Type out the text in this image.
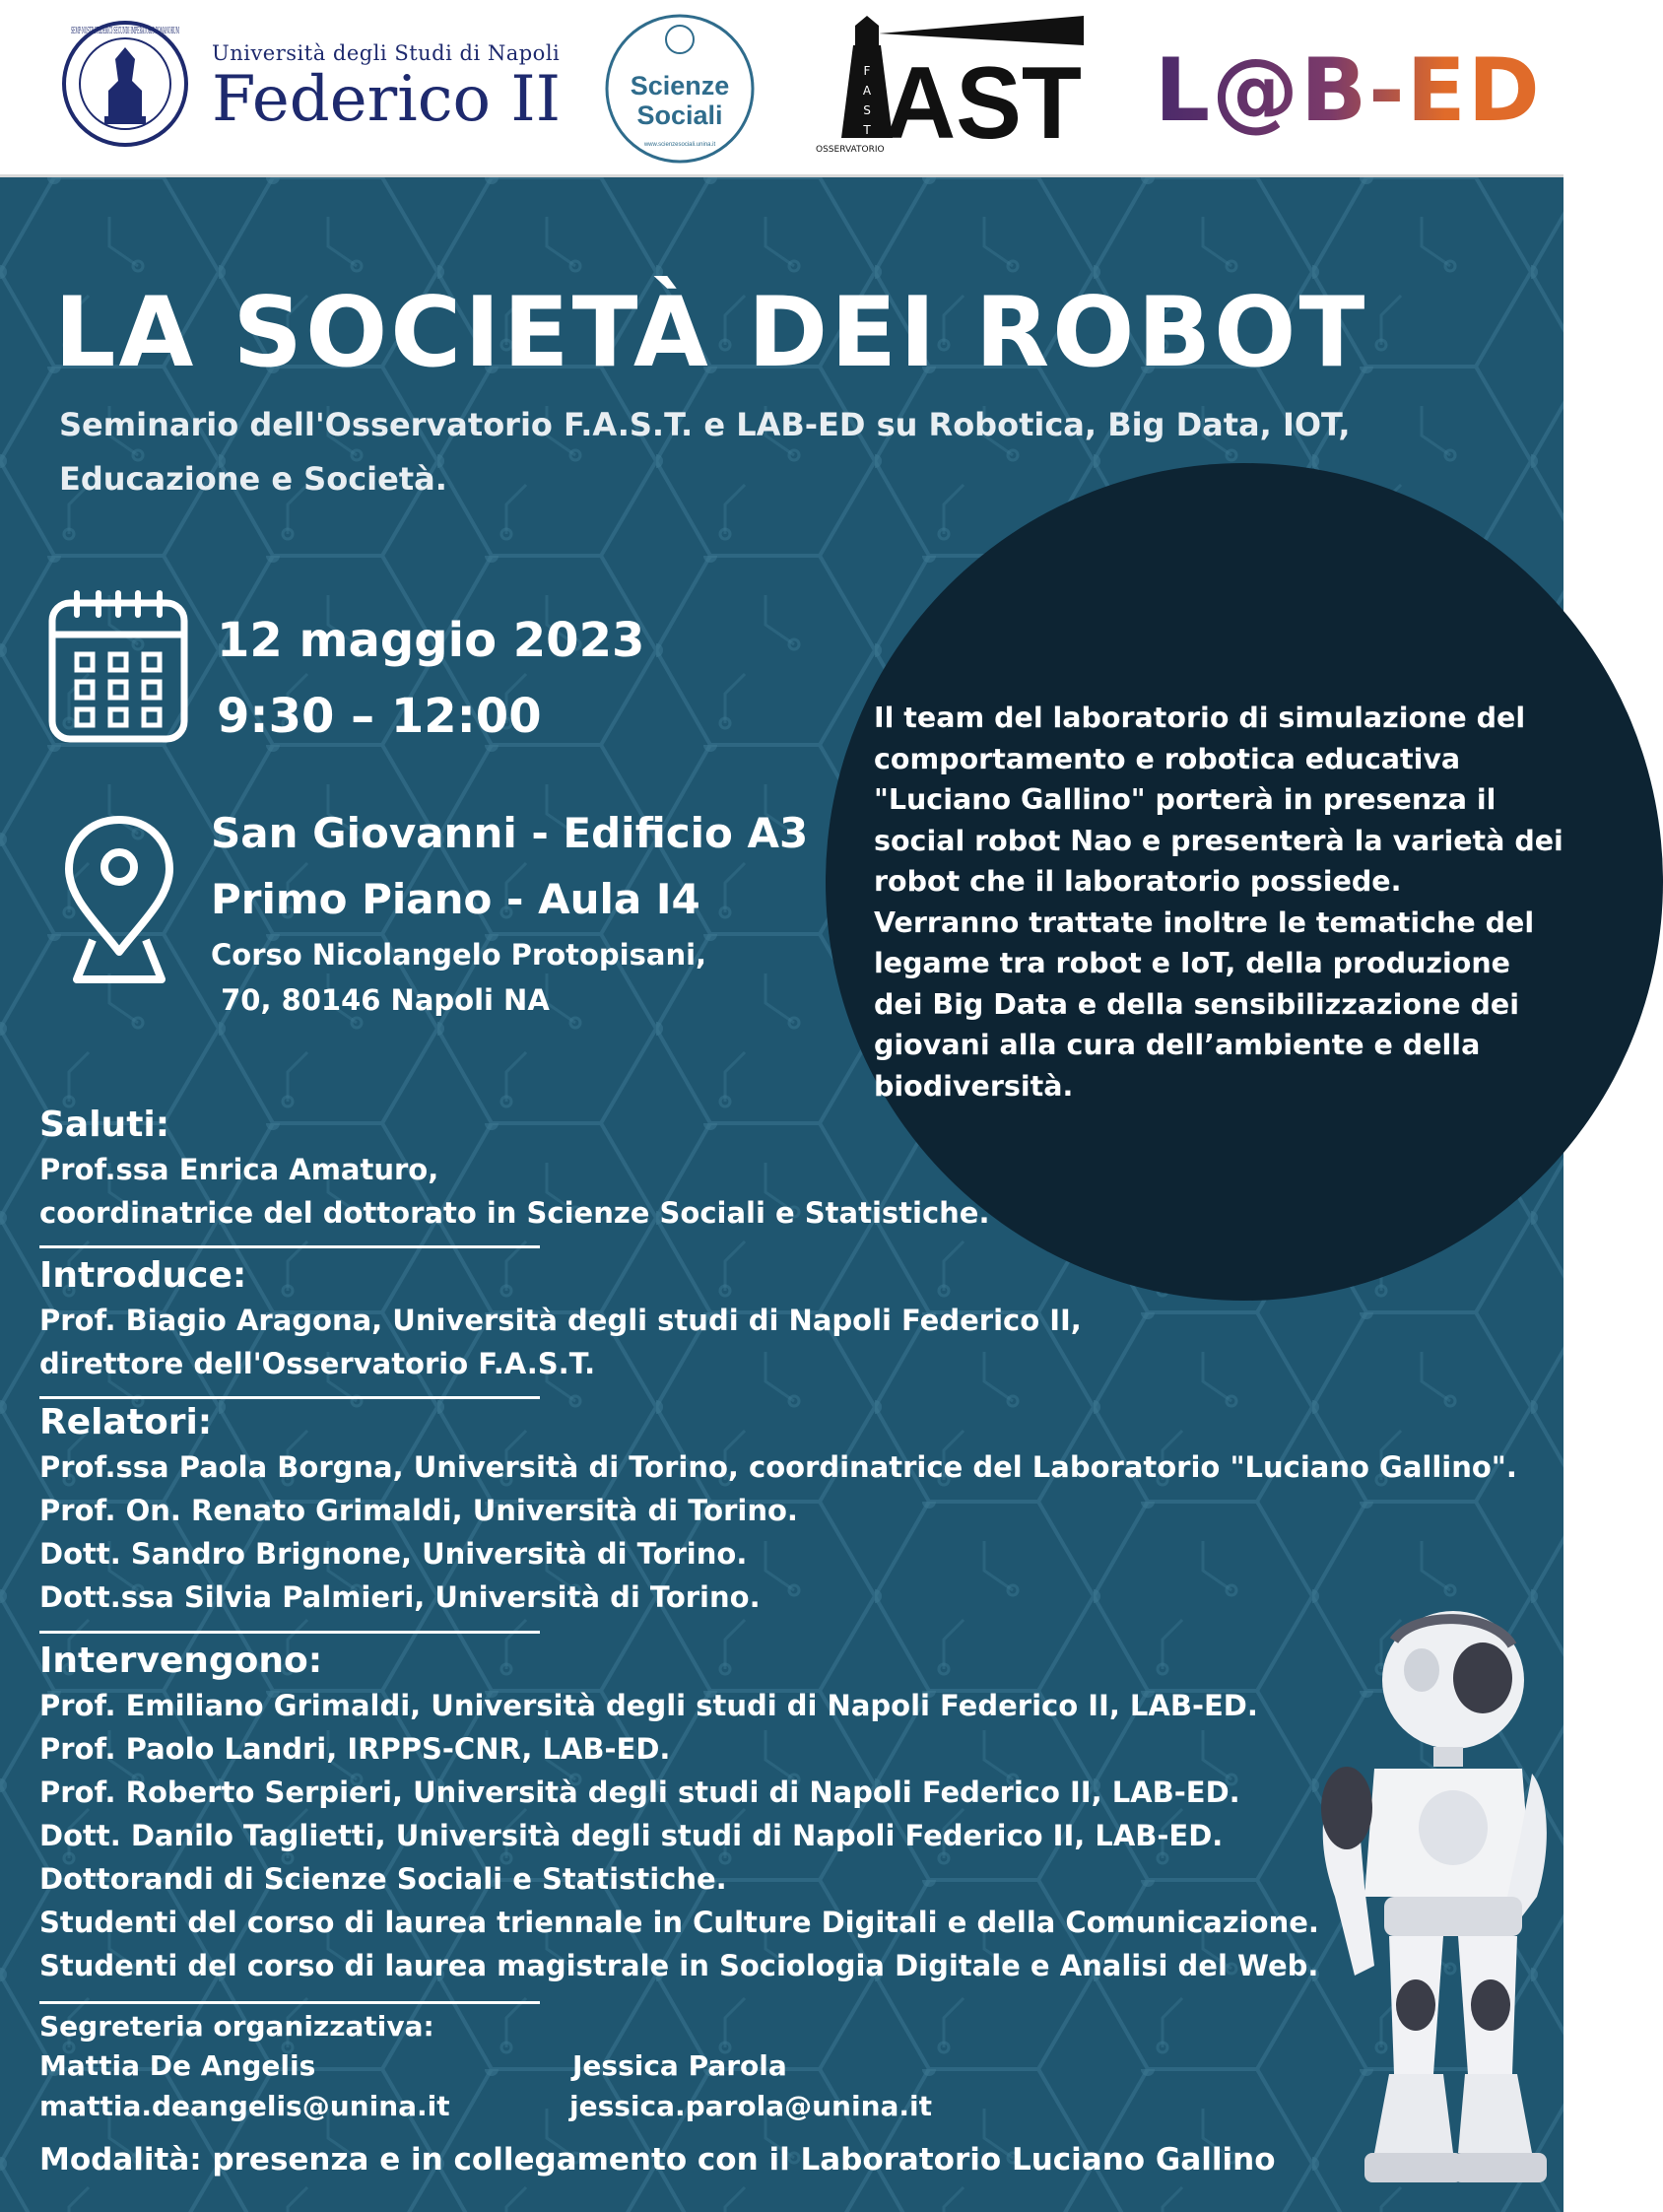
SEMP·NOSTR·FRIDERICI·SECUNDI·IMPERATORIS·ROMANORUM
Università degli Studi di Napoli
Federico II	Scienze
Sociali
www.scienzesociali.unina.it
F
A
S
T AST
OSSERVATORIO
L@B-ED
LA SOCIETÀ DEI ROBOT
Seminario dell'Osservatorio F.A.S.T. e LAB-ED su Robotica, Big Data, IOT, Educazione e Società.

Il team del laboratorio di simulazione del comportamento e robotica educativa "Luciano Gallino" porterà in presenza il social robot Nao e presenterà la varietà dei robot che il laboratorio possiede.

Verranno trattate inoltre le tematiche del legame tra robot e IoT, della produzione dei Big Data e della sensibilizzazione dei giovani alla cura dell’ambiente e della biodiversità.

12 maggio 2023
9:30 – 12:00
San Giovanni - Edificio A3
Primo Piano - Aula I4
Corso Nicolangelo Protopisani,
70, 80146 Napoli NA
Saluti:
Prof.ssa Enrica Amaturo,
coordinatrice del dottorato in Scienze Sociali e Statistiche.
Introduce:
Prof. Biagio Aragona, Università degli studi di Napoli Federico II,
direttore dell'Osservatorio F.A.S.T.
Relatori:
Prof.ssa Paola Borgna, Università di Torino, coordinatrice del Laboratorio "Luciano Gallino".
Prof. On. Renato Grimaldi, Università di Torino.
Dott. Sandro Brignone, Università di Torino.
Dott.ssa Silvia Palmieri, Università di Torino.
Intervengono:
Prof. Emiliano Grimaldi, Università degli studi di Napoli Federico II, LAB-ED.
Prof. Paolo Landri, IRPPS-CNR, LAB-ED.
Prof. Roberto Serpieri, Università degli studi di Napoli Federico II, LAB-ED.
Dott. Danilo Taglietti, Università degli studi di Napoli Federico II, LAB-ED.
Dottorandi di Scienze Sociali e Statistiche.
Studenti del corso di laurea triennale in Culture Digitali e della Comunicazione.
Studenti del corso di laurea magistrale in Sociologia Digitale e Analisi del Web.
Segreteria organizzativa:
Mattia De Angelis
mattia.deangelis@unina.it
Jessica Parola
jessica.parola@unina.it
Modalità: presenza e in collegamento con il Laboratorio Luciano Gallino
